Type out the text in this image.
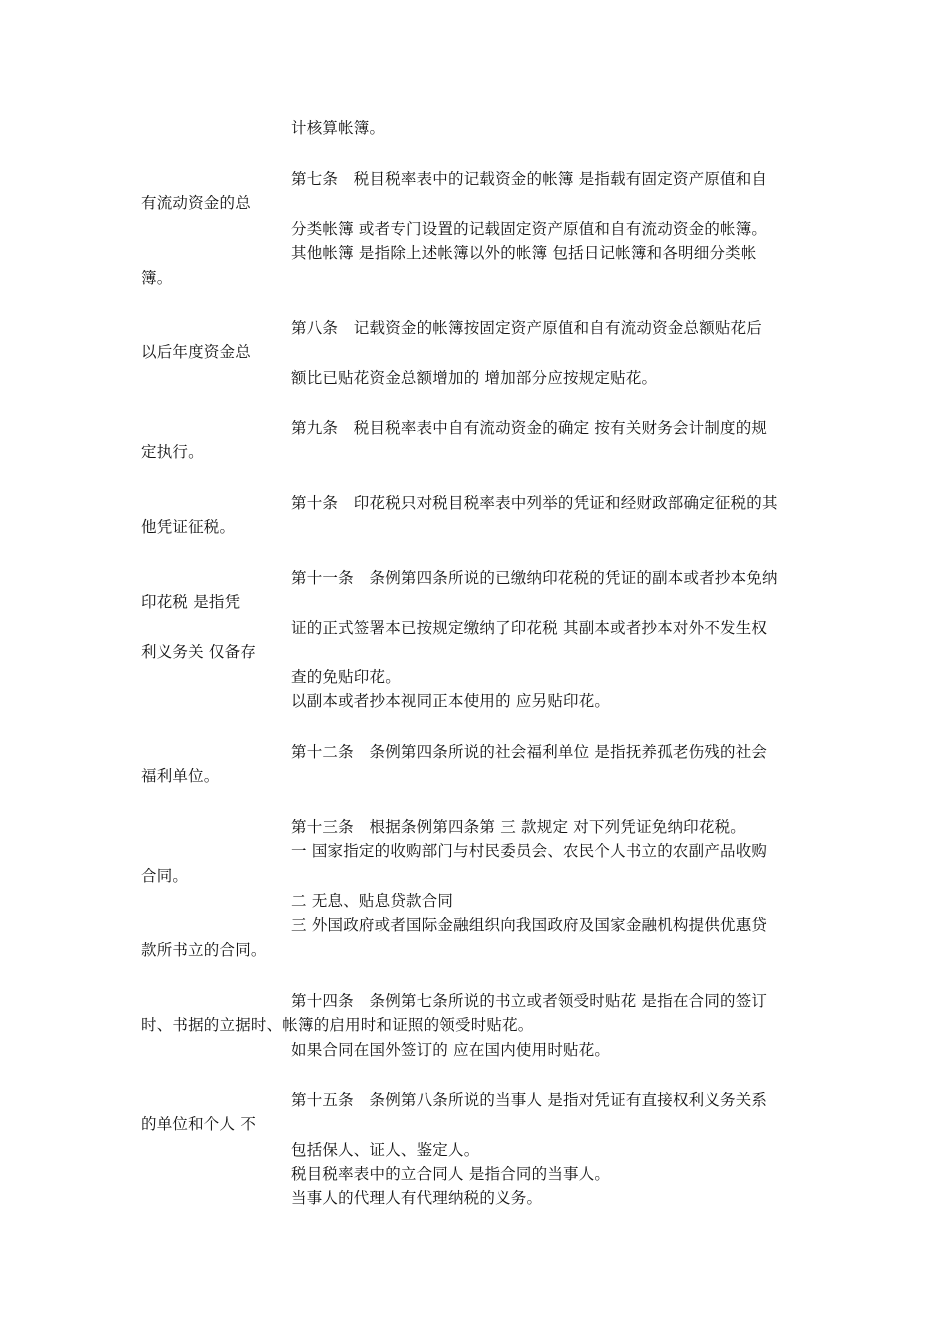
计核算帐簿。
第七条　税目税率表中的记载资金的帐簿 是指载有固定资产原值和自
有流动资金的总
分类帐簿 或者专门设置的记载固定资产原值和自有流动资金的帐簿。
其他帐簿 是指除上述帐簿以外的帐簿 包括日记帐簿和各明细分类帐
簿。
第八条　记载资金的帐簿按固定资产原值和自有流动资金总额贴花后
以后年度资金总
额比已贴花资金总额增加的 增加部分应按规定贴花。
第九条　税目税率表中自有流动资金的确定 按有关财务会计制度的规
定执行。
第十条　印花税只对税目税率表中列举的凭证和经财政部确定征税的其
他凭证征税。
第十一条　条例第四条所说的已缴纳印花税的凭证的副本或者抄本免纳
印花税 是指凭
证的正式签署本已按规定缴纳了印花税 其副本或者抄本对外不发生权
利义务关 仅备存
查的免贴印花。
以副本或者抄本视同正本使用的 应另贴印花。
第十二条　条例第四条所说的社会福利单位 是指抚养孤老伤残的社会
福利单位。
第十三条　根据条例第四条第 三 款规定 对下列凭证免纳印花税。
一 国家指定的收购部门与村民委员会、农民个人书立的农副产品收购
合同。
二 无息、贴息贷款合同
三 外国政府或者国际金融组织向我国政府及国家金融机构提供优惠贷
款所书立的合同。
第十四条　条例第七条所说的书立或者领受时贴花 是指在合同的签订
时、书据的立据时、帐簿的启用时和证照的领受时贴花。
如果合同在国外签订的 应在国内使用时贴花。
第十五条　条例第八条所说的当事人 是指对凭证有直接权利义务关系
的单位和个人 不
包括保人、证人、鉴定人。
税目税率表中的立合同人 是指合同的当事人。
当事人的代理人有代理纳税的义务。
